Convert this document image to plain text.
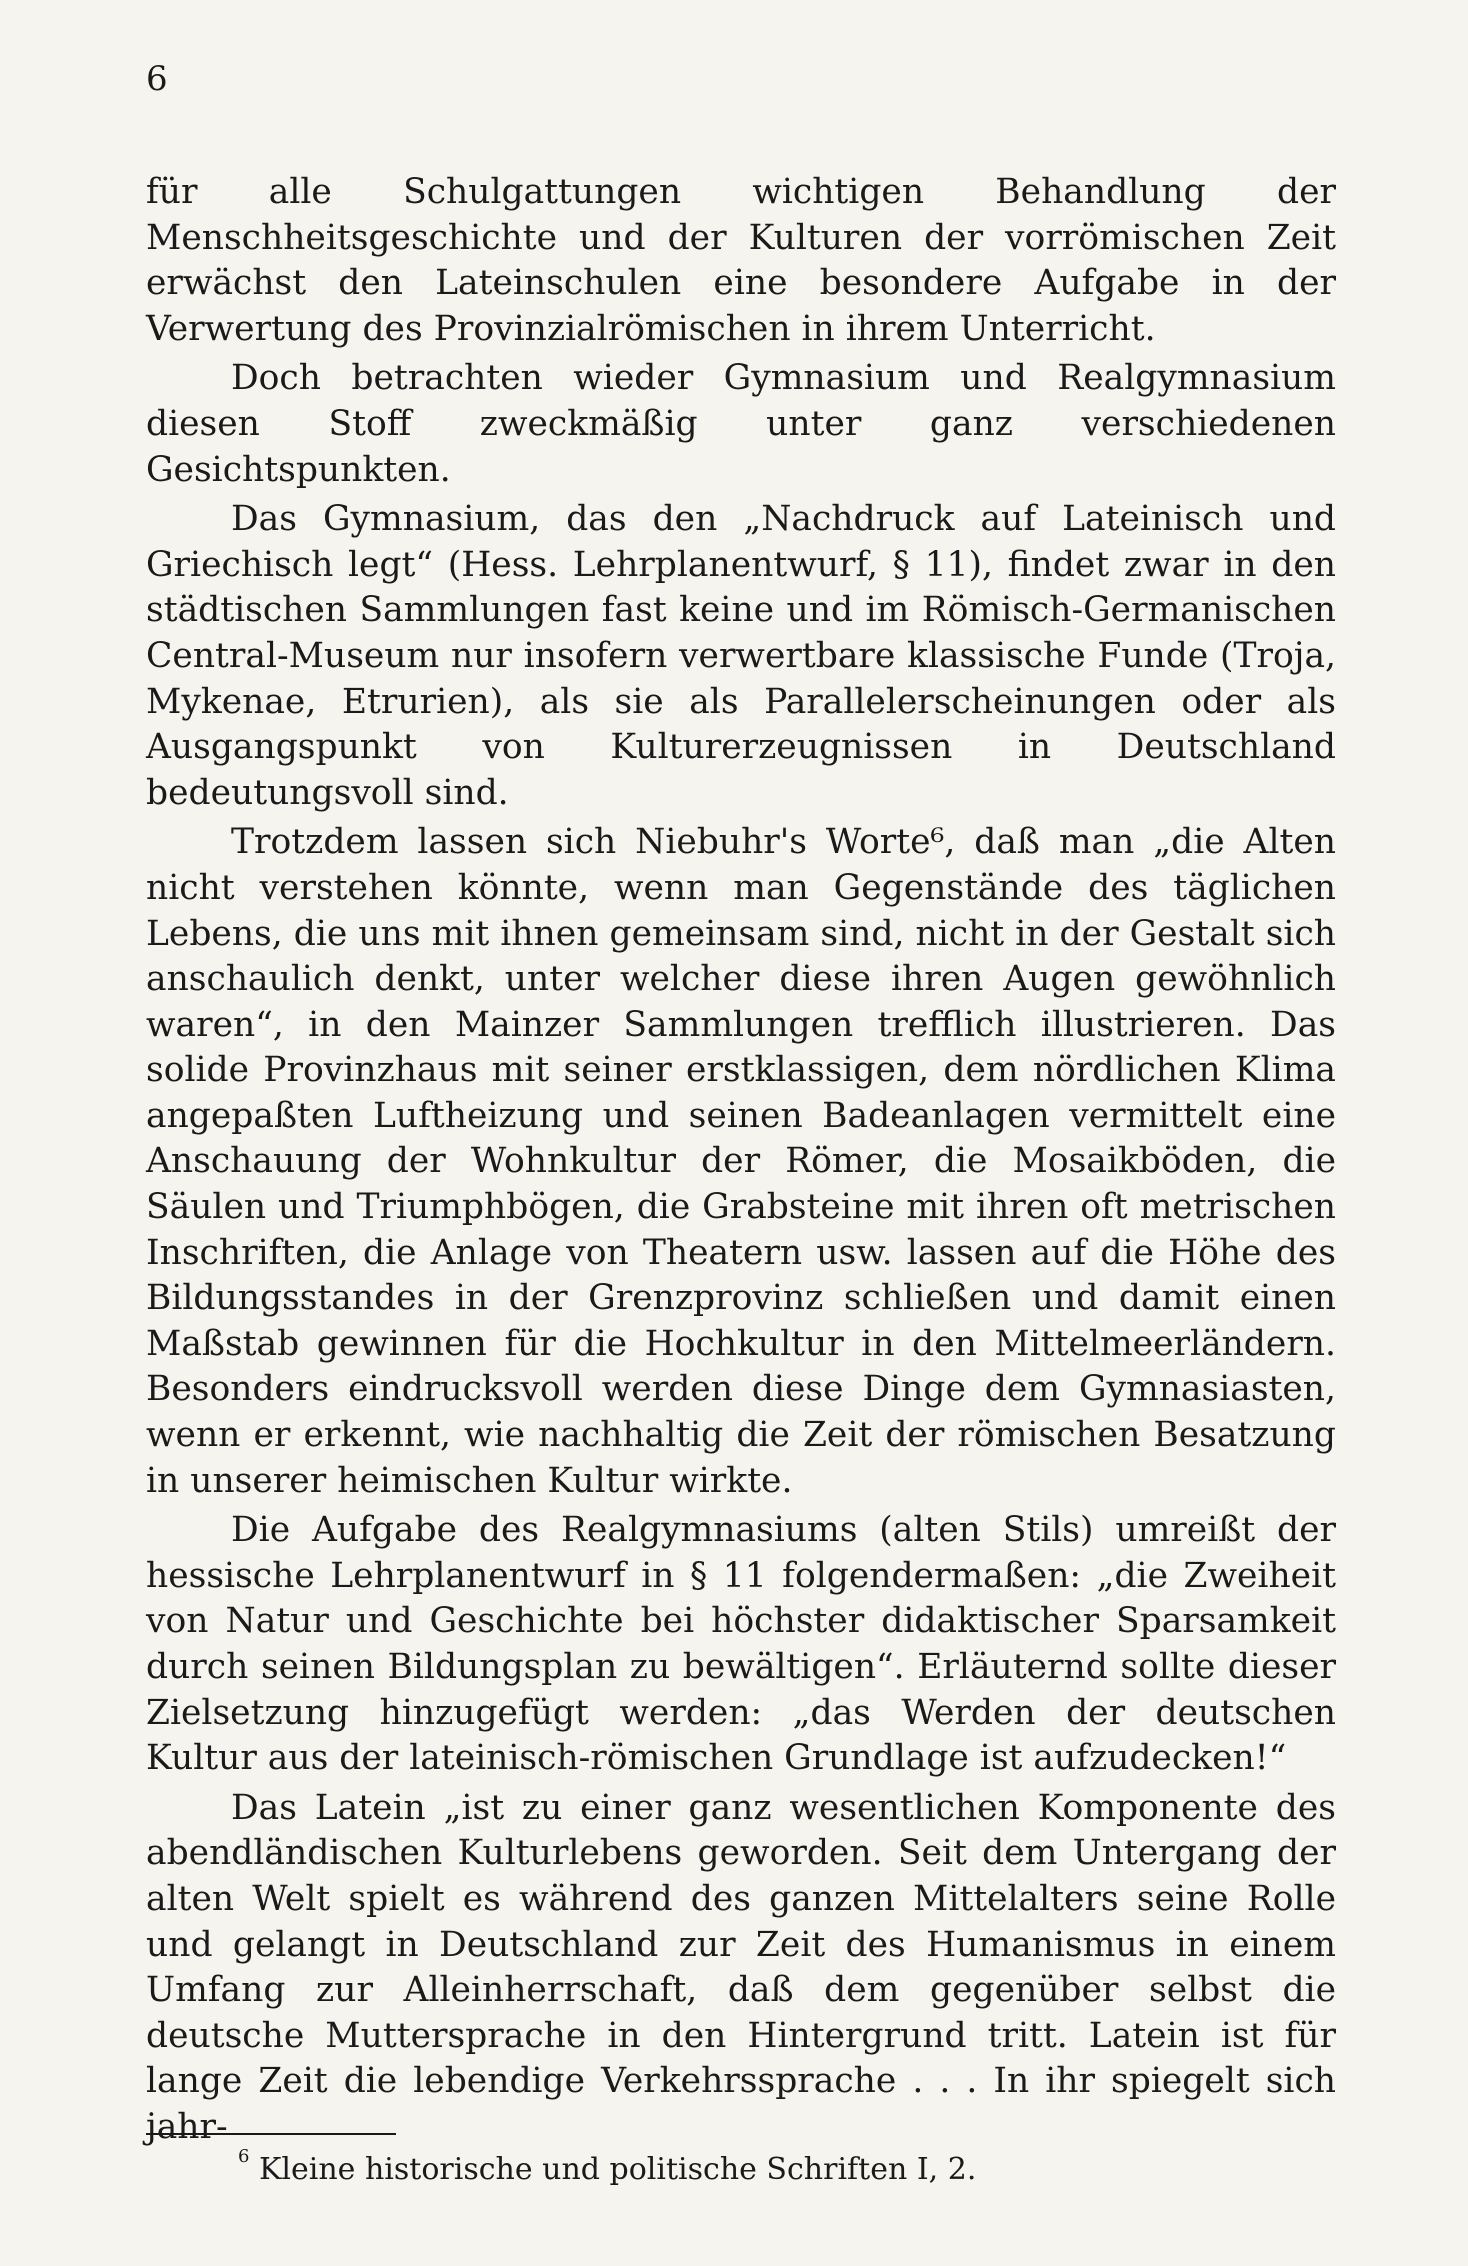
6

für alle Schulgattungen wichtigen Behandlung der Menschheitsgeschichte und der Kulturen der vorrömischen Zeit erwächst den Lateinschulen eine besondere Aufgabe in der Verwertung des Provinzialrömischen in ihrem Unterricht.

Doch betrachten wieder Gymnasium und Realgymnasium diesen Stoff zweckmäßig unter ganz verschiedenen Gesichtspunkten.

Das Gymnasium, das den „Nachdruck auf Lateinisch und Griechisch legt“ (Hess. Lehrplanentwurf, § 11), findet zwar in den städtischen Sammlungen fast keine und im Römisch-Germanischen Central-Museum nur insofern verwertbare klassische Funde (Troja, Mykenae, Etrurien), als sie als Parallelerscheinungen oder als Ausgangspunkt von Kulturerzeugnissen in Deutschland bedeutungsvoll sind.

Trotzdem lassen sich Niebuhr's Worte⁶, daß man „die Alten nicht verstehen könnte, wenn man Gegenstände des täglichen Lebens, die uns mit ihnen gemeinsam sind, nicht in der Gestalt sich anschaulich denkt, unter welcher diese ihren Augen gewöhnlich waren“, in den Mainzer Sammlungen trefflich illustrieren. Das solide Provinzhaus mit seiner erstklassigen, dem nördlichen Klima angepaßten Luftheizung und seinen Badeanlagen vermittelt eine Anschauung der Wohnkultur der Römer, die Mosaikböden, die Säulen und Triumphbögen, die Grabsteine mit ihren oft metrischen Inschriften, die Anlage von Theatern usw. lassen auf die Höhe des Bildungsstandes in der Grenzprovinz schließen und damit einen Maßstab gewinnen für die Hochkultur in den Mittelmeerländern. Besonders eindrucksvoll werden diese Dinge dem Gymnasiasten, wenn er erkennt, wie nachhaltig die Zeit der römischen Besatzung in unserer heimischen Kultur wirkte.

Die Aufgabe des Realgymnasiums (alten Stils) umreißt der hessische Lehrplanentwurf in § 11 folgendermaßen: „die Zweiheit von Natur und Geschichte bei höchster didaktischer Sparsamkeit durch seinen Bildungsplan zu bewältigen“. Erläuternd sollte dieser Zielsetzung hinzugefügt werden: „das Werden der deutschen Kultur aus der lateinisch-römischen Grundlage ist aufzudecken!“

Das Latein „ist zu einer ganz wesentlichen Komponente des abendländischen Kulturlebens geworden. Seit dem Untergang der alten Welt spielt es während des ganzen Mittelalters seine Rolle und gelangt in Deutschland zur Zeit des Humanismus in einem Umfang zur Alleinherrschaft, daß dem gegenüber selbst die deutsche Muttersprache in den Hintergrund tritt. Latein ist für lange Zeit die lebendige Verkehrssprache . . . In ihr spiegelt sich jahr-

$^6$ Kleine historische und politische Schriften I, 2.
